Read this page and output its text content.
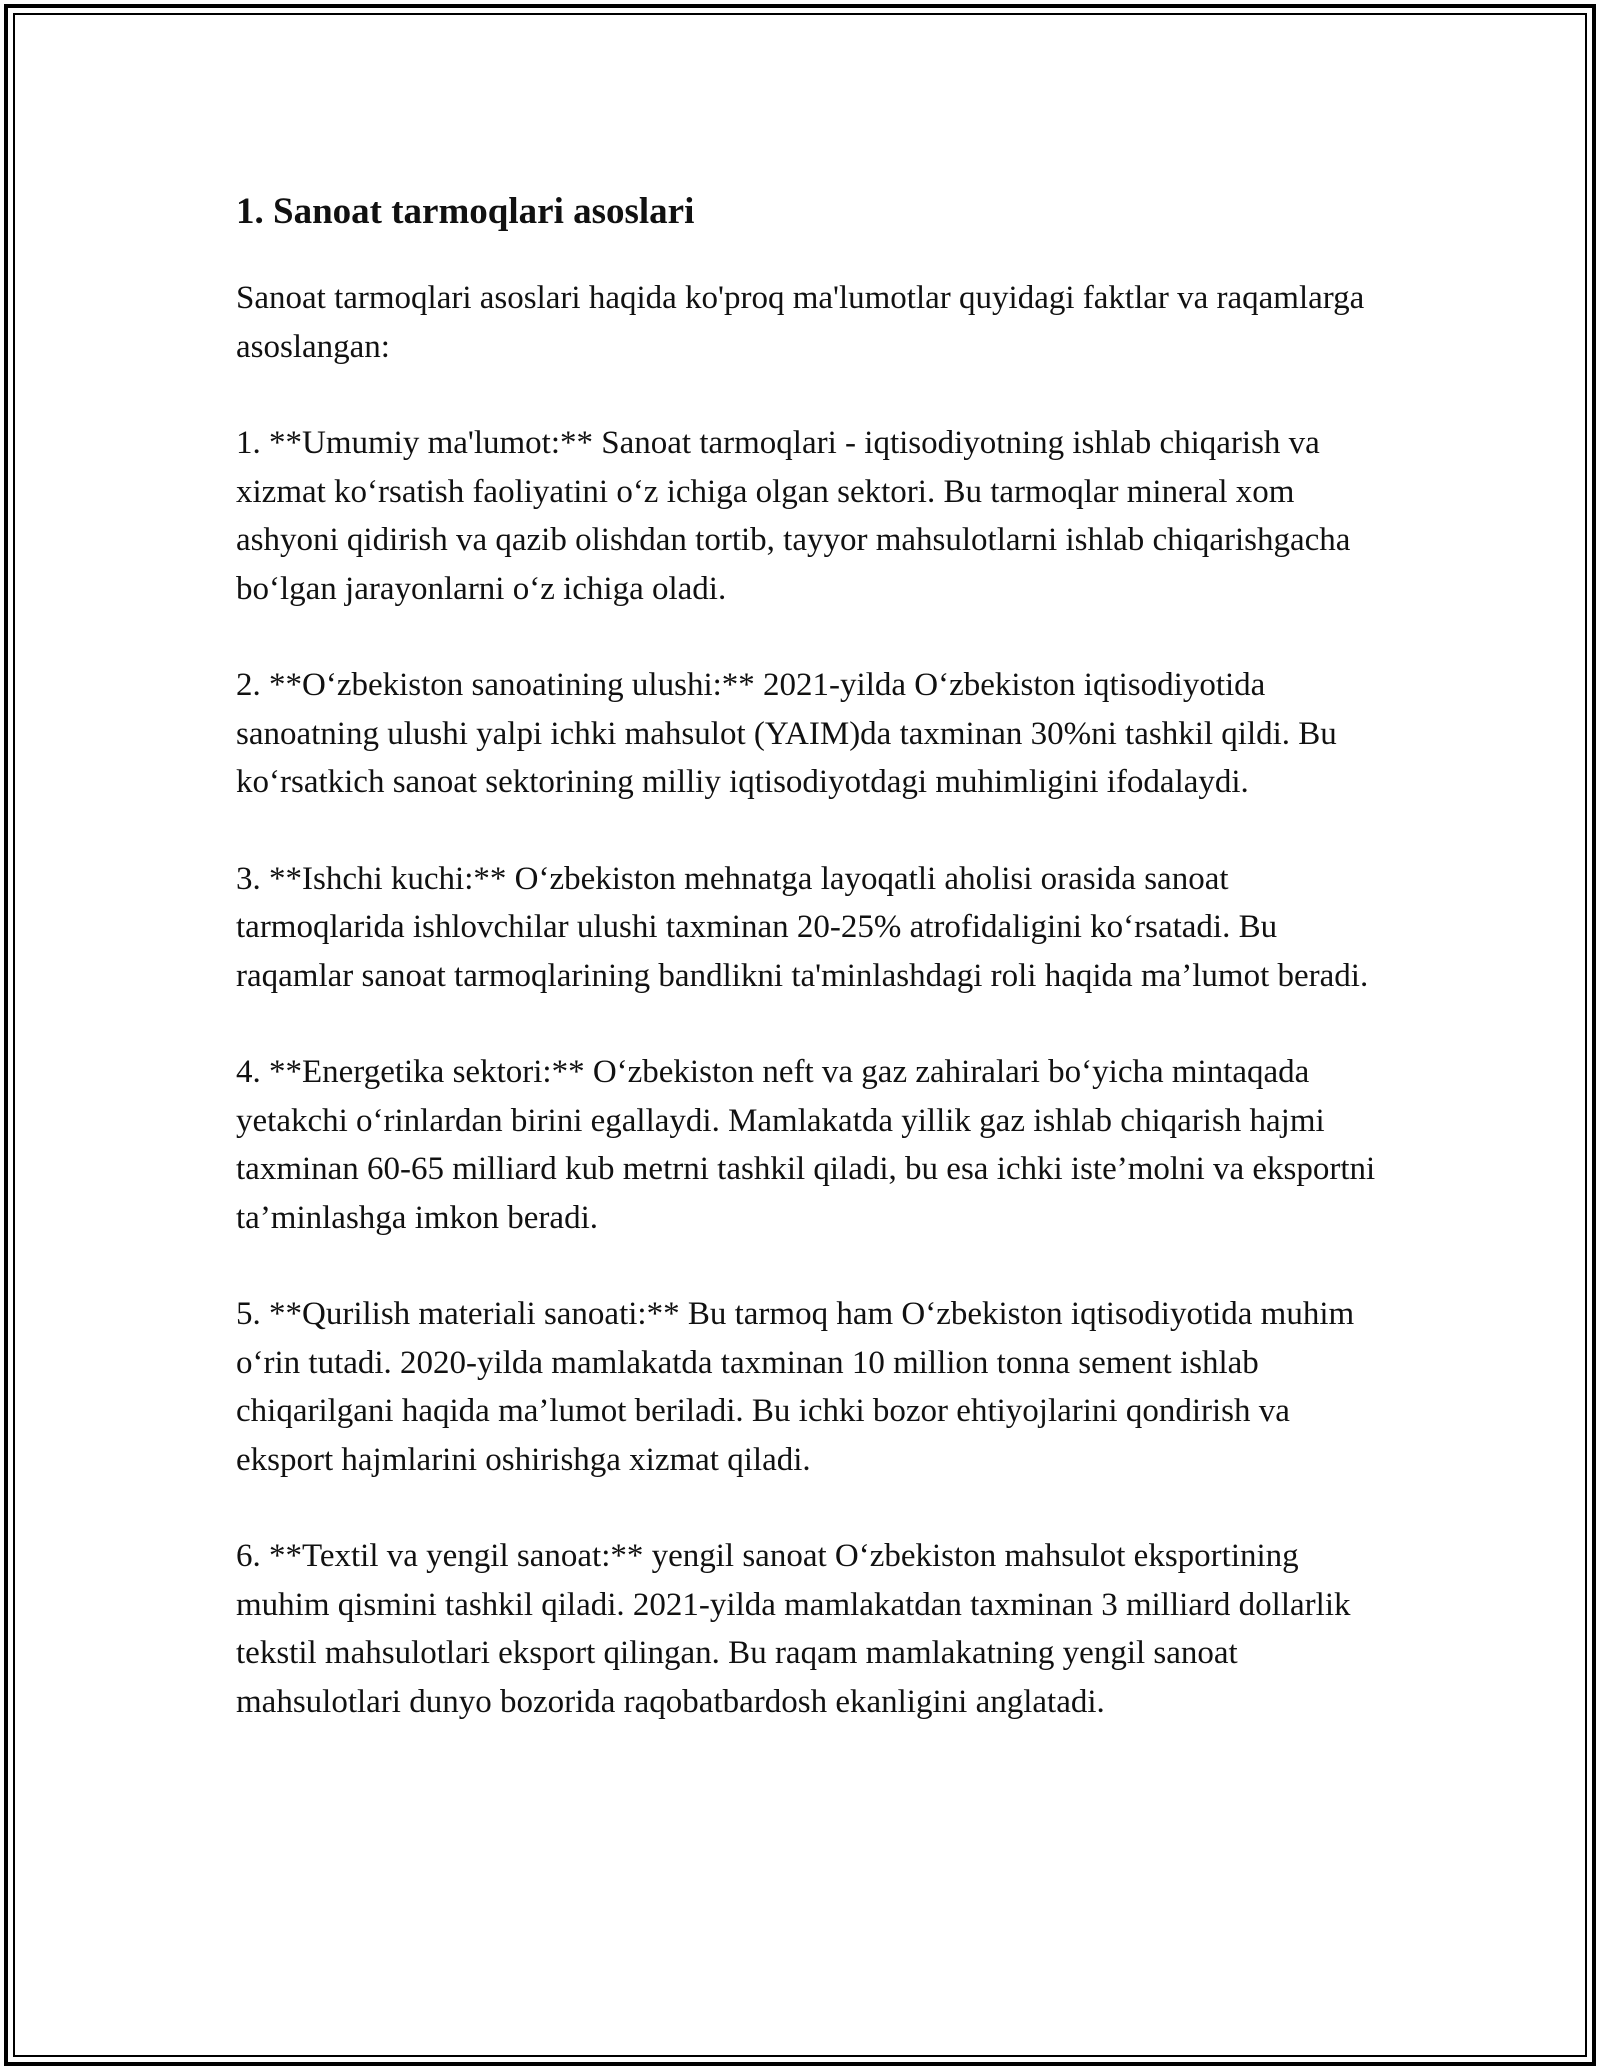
1. Sanoat tarmoqlari asoslari

Sanoat tarmoqlari asoslari haqida ko'proq ma'lumotlar quyidagi faktlar va raqamlarga asoslangan:

1. **Umumiy ma'lumot:** Sanoat tarmoqlari - iqtisodiyotning ishlab chiqarish va xizmat ko‘rsatish faoliyatini o‘z ichiga olgan sektori. Bu tarmoqlar mineral xom ashyoni qidirish va qazib olishdan tortib, tayyor mahsulotlarni ishlab chiqarishgacha bo‘lgan jarayonlarni o‘z ichiga oladi.

2. **O‘zbekiston sanoatining ulushi:** 2021-yilda O‘zbekiston iqtisodiyotida sanoatning ulushi yalpi ichki mahsulot (YAIM)da taxminan 30%ni tashkil qildi. Bu ko‘rsatkich sanoat sektorining milliy iqtisodiyotdagi muhimligini ifodalaydi.

3. **Ishchi kuchi:** O‘zbekiston mehnatga layoqatli aholisi orasida sanoat tarmoqlarida ishlovchilar ulushi taxminan 20-25% atrofidaligini ko‘rsatadi. Bu raqamlar sanoat tarmoqlarining bandlikni ta'minlashdagi roli haqida ma’lumot beradi.

4. **Energetika sektori:** O‘zbekiston neft va gaz zahiralari bo‘yicha mintaqada yetakchi o‘rinlardan birini egallaydi. Mamlakatda yillik gaz ishlab chiqarish hajmi taxminan 60-65 milliard kub metrni tashkil qiladi, bu esa ichki iste’molni va eksportni ta’minlashga imkon beradi.

5. **Qurilish materiali sanoati:** Bu tarmoq ham O‘zbekiston iqtisodiyotida muhim o‘rin tutadi. 2020-yilda mamlakatda taxminan 10 million tonna sement ishlab chiqarilgani haqida ma’lumot beriladi. Bu ichki bozor ehtiyojlarini qondirish va eksport hajmlarini oshirishga xizmat qiladi.

6. **Textil va yengil sanoat:** yengil sanoat O‘zbekiston mahsulot eksportining muhim qismini tashkil qiladi. 2021-yilda mamlakatdan taxminan 3 milliard dollarlik tekstil mahsulotlari eksport qilingan. Bu raqam mamlakatning yengil sanoat mahsulotlari dunyo bozorida raqobatbardosh ekanligini anglatadi.
